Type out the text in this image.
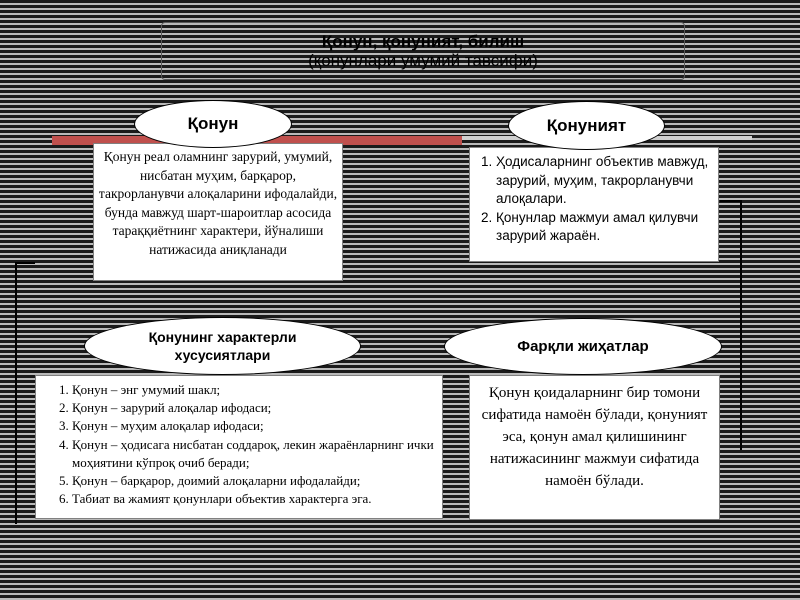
Қонун, қонуният, билиш
(қонунлари умумий тавсифи)
Қонун реал оламнинг зарурий, умумий, нисбатан муҳим, барқарор, такрорланувчи алоқаларини ифодалайди, бунда мавжуд шарт-шароитлар асосида тараққиётнинг характери, йўналиши натижасида аниқланади
Қонун
1. Ҳодисаларнинг объектив мавжуд, зарурий, муҳим, такрорланувчи алоқалари.
2. Қонунлар мажмуи амал қилувчи зарурий жараён.
Қонуният
1. Қонун – энг умумий шакл;
2. Қонун – зарурий алоқалар ифодаси;
3. Қонун – муҳим алоқалар ифодаси;
4. Қонун – ҳодисага нисбатан соддароқ, лекин жараёнларнинг ички моҳиятини кўпроқ очиб беради;
5. Қонун – барқарор, доимий алоқаларни ифодалайди;
6. Табиат ва жамият қонунлари объектив характерга эга.
Қонунинг характерли хусусиятлари
Қонун қоидаларнинг бир томони сифатида намоён бўлади, қонуният эса, қонун амал қилишининг натижасининг мажмуи сифатида намоён бўлади.
Фарқли жиҳатлар
